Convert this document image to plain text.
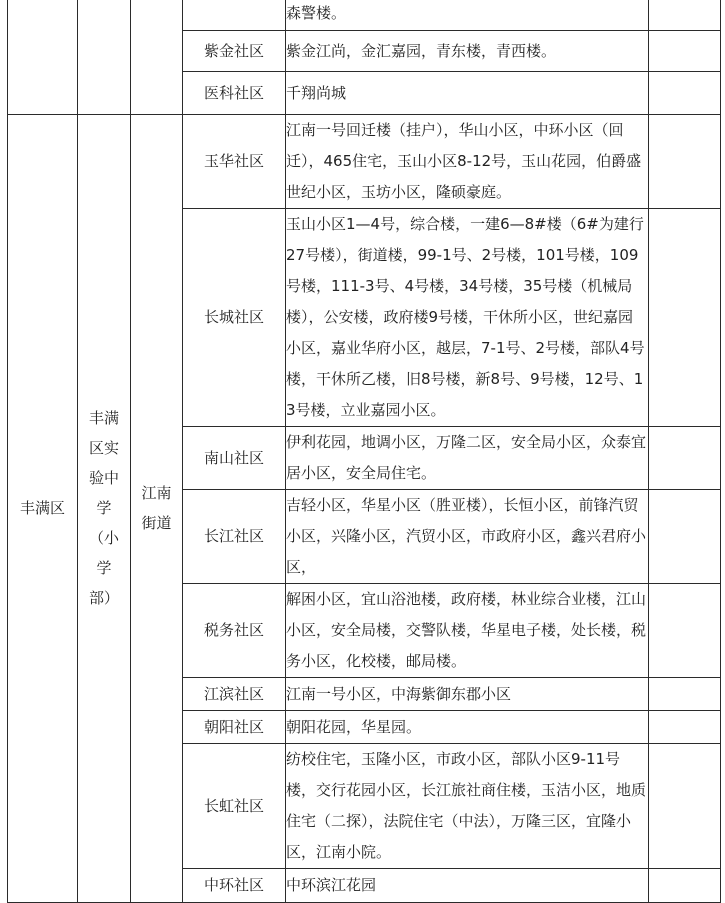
				森警楼。	
			紫金社区	紫金江尚，金汇嘉园，青东楼，青西楼。	
			医科社区	千翔尚城	
丰满区	丰满区实验中学（小学部）	江南街道	玉华社区	江南一号回迁楼（挂户），华山小区，中环小区（回迁），465住宅，玉山小区8-12号，玉山花园，伯爵盛世纪小区，玉坊小区，隆硕豪庭。	
			长城社区	玉山小区1—4号，综合楼，一建6—8#楼（6#为建行27号楼），街道楼，99-1号、2号楼，101号楼，109号楼，111-3号、4号楼，34号楼，35号楼（机械局楼），公安楼，政府楼9号楼，干休所小区，世纪嘉园小区，嘉业华府小区，越层，7-1号、2号楼，部队4号楼，干休所乙楼，旧8号楼，新8号、9号楼，12号、13号楼，立业嘉园小区。	
			南山社区	伊利花园，地调小区，万隆二区，安全局小区，众泰宜居小区，安全局住宅。	
			长江社区	吉轻小区，华星小区（胜亚楼），长恒小区，前锋汽贸小区，兴隆小区，汽贸小区，市政府小区，鑫兴君府小区，	
			税务社区	解困小区，宜山浴池楼，政府楼，林业综合业楼，江山小区，安全局楼，交警队楼，华星电子楼，处长楼，税务小区，化校楼，邮局楼。	
			江滨社区	江南一号小区，中海紫御东郡小区	
			朝阳社区	朝阳花园，华星园。	
			长虹社区	纺校住宅，玉隆小区，市政小区，部队小区9-11号楼，交行花园小区，长江旅社商住楼，玉洁小区，地质住宅（二探），法院住宅（中法），万隆三区，宜隆小区，江南小院。	
			中环社区	中环滨江花园	
